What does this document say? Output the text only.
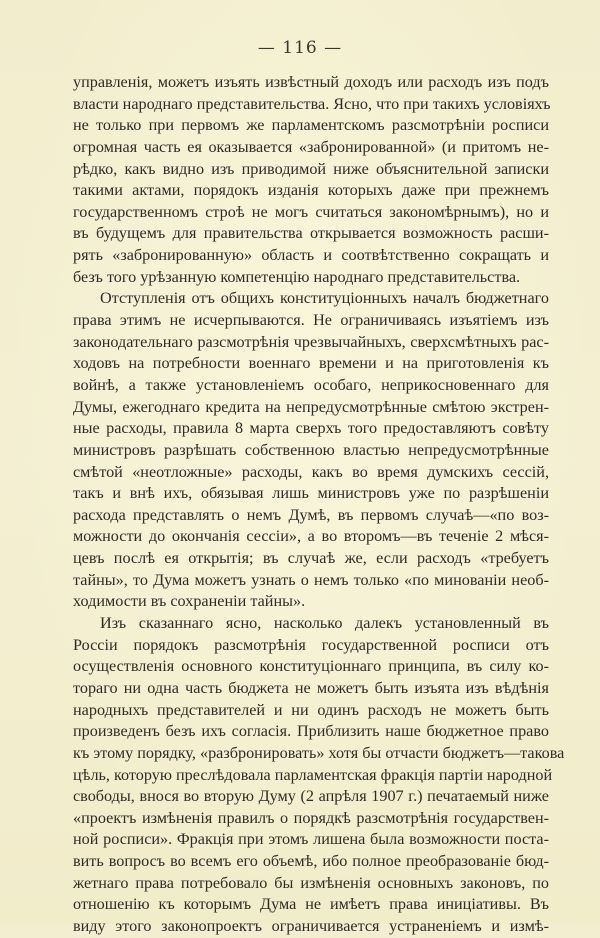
— 116 —
управленія, можетъ изъять извѣстный доходъ или расходъ изъ подъ
власти народнаго представительства. Ясно, что при такихъ условіяхъ
не только при первомъ же парламентскомъ разсмотрѣніи росписи
огромная часть ея оказывается «забронированной» (и притомъ не-
рѣдко, какъ видно изъ приводимой ниже объяснительной записки
такими актами, порядокъ изданія которыхъ даже при прежнемъ
государственномъ строѣ не могъ считаться закономѣрнымъ), но и
въ будущемъ для правительства открывается возможность расши-
рять «забронированную» область и соотвѣтственно сокращать и
безъ того урѣзанную компетенцію народнаго представительства.
Отступленія отъ общихъ конституціонныхъ началъ бюджетнаго
права этимъ не исчерпываются. Не ограничиваясь изъятіемъ изъ
законодательнаго разсмотрѣнія чрезвычайныхъ, сверхсмѣтныхъ рас-
ходовъ на потребности военнаго времени и на приготовленія къ
войнѣ, а также установленіемъ особаго, неприкосновеннаго для
Думы, ежегоднаго кредита на непредусмотрѣнные смѣтою экстрен-
ные расходы, правила 8 марта сверхъ того предоставляютъ совѣту
министровъ разрѣшать собственною властью непредусмотрѣнные
смѣтой «неотложные» расходы, какъ во время думскихъ сессій,
такъ и внѣ ихъ, обязывая лишь министровъ уже по разрѣшеніи
расхода представлять о немъ Думѣ, въ первомъ случаѣ—«по воз-
можности до окончанія сессіи», а во второмъ—въ теченіе 2 мѣся-
цевъ послѣ ея открытія; въ случаѣ же, если расходъ «требуетъ
тайны», то Дума можетъ узнать о немъ только «по минованіи необ-
ходимости въ сохраненіи тайны».
Изъ сказаннаго ясно, насколько далекъ установленный въ
Россіи порядокъ разсмотрѣнія государственной росписи отъ
осуществленія основного конституціоннаго принципа, въ силу ко-
тораго ни одна часть бюджета не можетъ быть изъята изъ вѣдѣнія
народныхъ представителей и ни одинъ расходъ не можетъ быть
произведенъ безъ ихъ согласія. Приблизить наше бюджетное право
къ этому порядку, «разбронировать» хотя бы отчасти бюджетъ—такова
цѣль, которую преслѣдовала парламентская фракція партіи народной
свободы, внося во вторую Думу (2 апрѣля 1907 г.) печатаемый ниже
«проектъ измѣненія правилъ о порядкѣ разсмотрѣнія государствен-
ной росписи». Фракція при этомъ лишена была возможности поста-
вить вопросъ во всемъ его объемѣ, ибо полное преобразованіе бюд-
жетнаго права потребовало бы измѣненія основныхъ законовъ, по
отношенію къ которымъ Дума не имѣетъ права иниціативы. Въ
виду этого законопроектъ ограничивается устраненіемъ и измѣ-
